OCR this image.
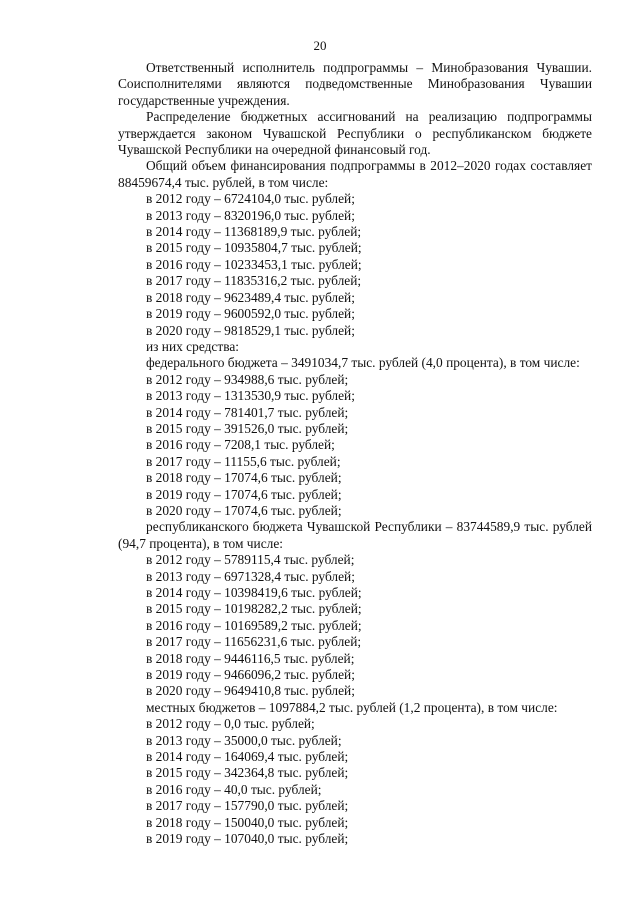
20

Ответственный исполнитель подпрограммы – Минобразования Чувашии. Соисполнителями являются подведомственные Минобразования Чувашии государственные учреждения.

Распределение бюджетных ассигнований на реализацию подпрограммы утверждается законом Чувашской Республики о республиканском бюджете Чувашской Республики на очередной финансовый год.

Общий объем финансирования подпрограммы в 2012–2020 годах составляет 88459674,4 тыс. рублей, в том числе:

в 2012 году – 6724104,0 тыс. рублей;

в 2013 году – 8320196,0 тыс. рублей;

в 2014 году – 11368189,9 тыс. рублей;

в 2015 году – 10935804,7 тыс. рублей;

в 2016 году – 10233453,1 тыс. рублей;

в 2017 году – 11835316,2 тыс. рублей;

в 2018 году – 9623489,4 тыс. рублей;

в 2019 году – 9600592,0 тыс. рублей;

в 2020 году – 9818529,1 тыс. рублей;

из них средства:

федерального бюджета – 3491034,7 тыс. рублей (4,0 процента), в том числе:

в 2012 году – 934988,6 тыс. рублей;

в 2013 году – 1313530,9 тыс. рублей;

в 2014 году – 781401,7 тыс. рублей;

в 2015 году – 391526,0 тыс. рублей;

в 2016 году – 7208,1 тыс. рублей;

в 2017 году – 11155,6 тыс. рублей;

в 2018 году – 17074,6 тыс. рублей;

в 2019 году – 17074,6 тыс. рублей;

в 2020 году – 17074,6 тыс. рублей;

республиканского бюджета Чувашской Республики – 83744589,9 тыс. рублей (94,7 процента), в том числе:

в 2012 году – 5789115,4 тыс. рублей;

в 2013 году – 6971328,4 тыс. рублей;

в 2014 году – 10398419,6 тыс. рублей;

в 2015 году – 10198282,2 тыс. рублей;

в 2016 году – 10169589,2 тыс. рублей;

в 2017 году – 11656231,6 тыс. рублей;

в 2018 году – 9446116,5 тыс. рублей;

в 2019 году – 9466096,2 тыс. рублей;

в 2020 году – 9649410,8 тыс. рублей;

местных бюджетов – 1097884,2 тыс. рублей (1,2 процента), в том числе:

в 2012 году – 0,0 тыс. рублей;

в 2013 году – 35000,0 тыс. рублей;

в 2014 году – 164069,4 тыс. рублей;

в 2015 году – 342364,8 тыс. рублей;

в 2016 году – 40,0 тыс. рублей;

в 2017 году – 157790,0 тыс. рублей;

в 2018 году – 150040,0 тыс. рублей;

в 2019 году – 107040,0 тыс. рублей;
